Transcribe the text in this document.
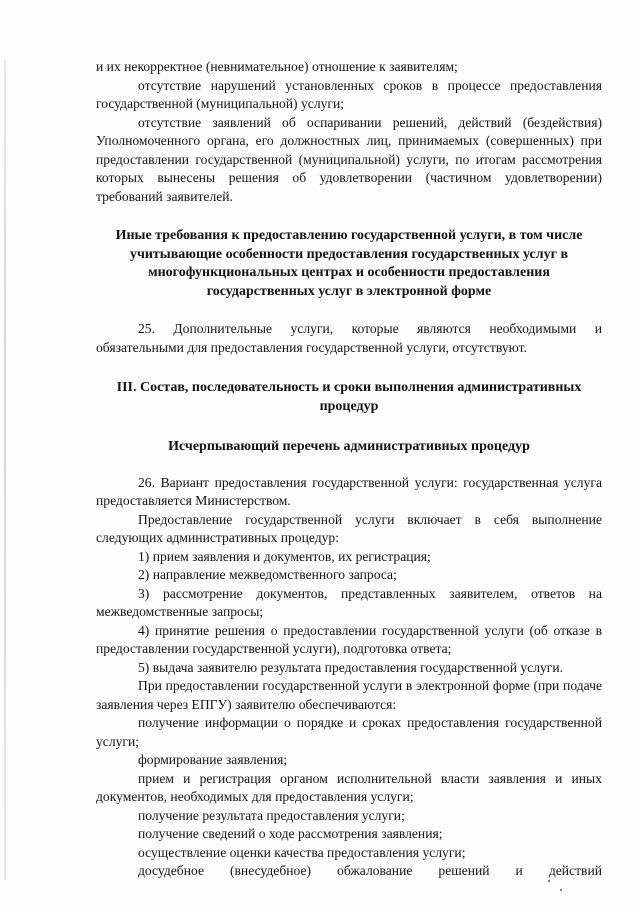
и их некорректное (невнимательное) отношение к заявителям;

отсутствие нарушений установленных сроков в процессе предоставления государственной (муниципальной) услуги;

отсутствие заявлений об оспаривании решений, действий (бездействия) Уполномоченного органа, его должностных лиц, принимаемых (совершенных) при предоставлении государственной (муниципальной) услуги, по итогам рассмотрения которых вынесены решения об удовлетворении (частичном удовлетворении) требований заявителей.

Иные требования к предоставлению государственной услуги, в том числе учитывающие особенности предоставления государственных услуг в многофункциональных центрах и особенности предоставления государственных услуг в электронной форме

25. Дополнительные услуги, которые являются необходимыми и обязательными для предоставления государственной услуги, отсутствуют.

III. Состав, последовательность и сроки выполнения административных процедур

Исчерпывающий перечень административных процедур

26. Вариант предоставления государственной услуги: государственная услуга предоставляется Министерством.

Предоставление государственной услуги включает в себя выполнение следующих административных процедур:

1) прием заявления и документов, их регистрация;

2) направление межведомственного запроса;

3) рассмотрение документов, представленных заявителем, ответов на межведомственные запросы;

4) принятие решения о предоставлении государственной услуги (об отказе в предоставлении государственной услуги), подготовка ответа;

5) выдача заявителю результата предоставления государственной услуги.

При предоставлении государственной услуги в электронной форме (при подаче заявления через ЕПГУ) заявителю обеспечиваются:

получение информации о порядке и сроках предоставления государственной услуги;

формирование заявления;

прием и регистрация органом исполнительной власти заявления и иных документов, необходимых для предоставления услуги;

получение результата предоставления услуги;

получение сведений о ходе рассмотрения заявления;

осуществление оценки качества предоставления услуги;

досудебное (внесудебное) обжалование решений и действий
